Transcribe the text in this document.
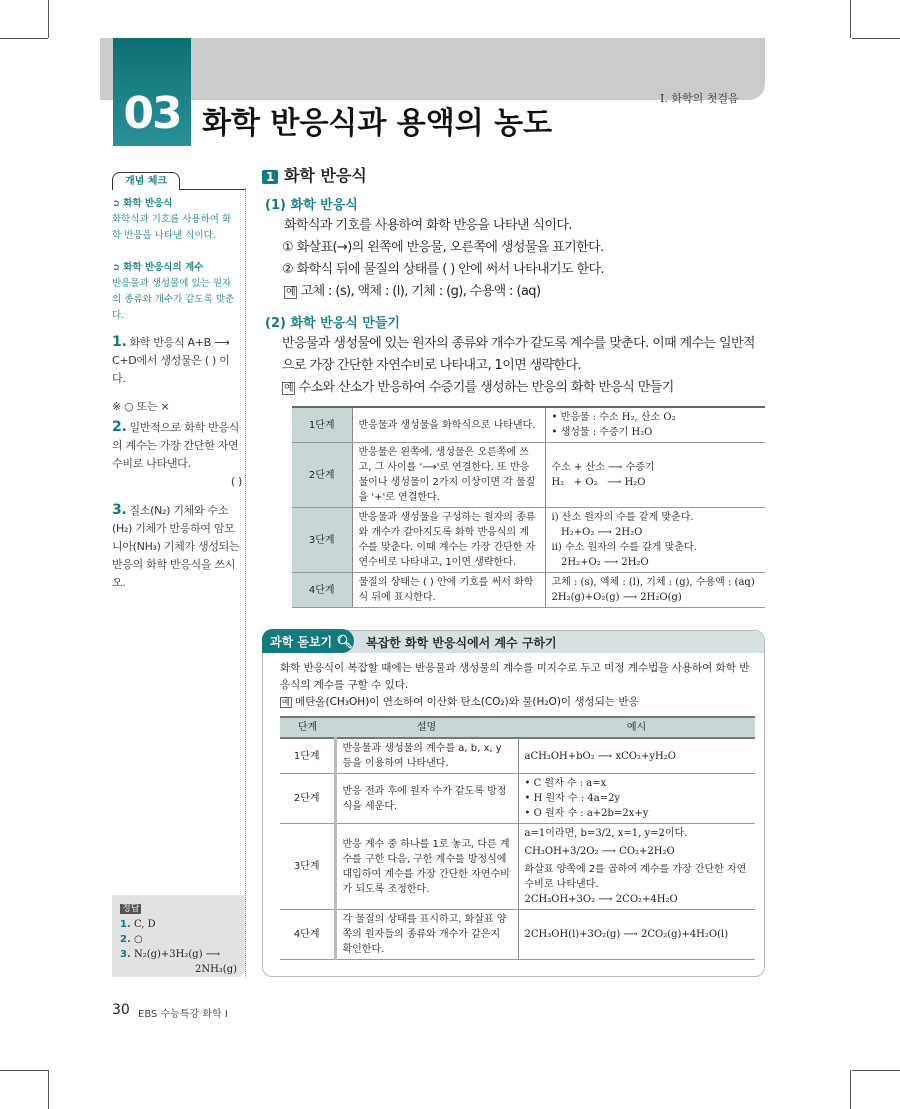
03 화학 반응식과 용액의 농도
Ⅰ. 화학의 첫걸음
개념 체크
➲ 화학 반응식
화학식과 기호를 사용하여 화학 반응을 나타낸 식이다.
➲ 화학 반응식의 계수
반응물과 생성물에 있는 원자의 종류와 개수가 같도록 맞춘다.
1. 화학 반응식 A+B ⟶ C+D에서 생성물은 ( ) 이다.
※ ○ 또는 ×
2. 일반적으로 화학 반응식의 계수는 가장 간단한 자연수비로 나타낸다.
( )
3. 질소(N₂) 기체와 수소(H₂) 기체가 반응하여 암모니아(NH₃) 기체가 생성되는 반응의 화학 반응식을 쓰시오.
정답
1. C, D
2. ○
3. N₂(g)+3H₂(g) ⟶
2NH₃(g)
1 화학 반응식
(1) 화학 반응식
화학식과 기호를 사용하여 화학 반응을 나타낸 식이다.
① 화살표(→)의 왼쪽에 반응물, 오른쪽에 생성물을 표기한다.
② 화학식 뒤에 물질의 상태를 ( ) 안에 써서 나타내기도 한다.
예 고체 : (s), 액체 : (l), 기체 : (g), 수용액 : (aq)
(2) 화학 반응식 만들기
반응물과 생성물에 있는 원자의 종류와 개수가 같도록 계수를 맞춘다. 이때 계수는 일반적
으로 가장 간단한 자연수비로 나타내고, 1이면 생략한다.
예 수소와 산소가 반응하여 수증기를 생성하는 반응의 화학 반응식 만들기
1단계	반응물과 생성물을 화학식으로 나타낸다.	• 반응물 : 수소 H₂, 산소 O₂
• 생성물 : 수증기 H₂O

2단계	반응물은 왼쪽에, 생성물은 오른쪽에 쓰고, 그 사이를 '⟶'로 연결한다. 또 반응물이나 생성물이 2가지 이상이면 각 물질을 '+'로 연결한다.	수소 + 산소 ⟶ 수증기
H₂   + O₂   ⟶ H₂O

3단계	반응물과 생성물을 구성하는 원자의 종류와 개수가 같아지도록 화학 반응식의 계수를 맞춘다. 이때 계수는 가장 간단한 자연수비로 나타내고, 1이면 생략한다.	i) 산소 원자의 수를 같게 맞춘다.
H₂+O₂ ⟶ 2H₂O
ii) 수소 원자의 수를 같게 맞춘다.
2H₂+O₂ ⟶ 2H₂O

4단계	물질의 상태는 ( ) 안에 기호를 써서 화학식 뒤에 표시한다.	고체 : (s), 액체 : (l), 기체 : (g), 수용액 : (aq)
2H₂(g)+O₂(g) ⟶ 2H₂O(g)
과학 돋보기 🔍︎ 복잡한 화학 반응식에서 계수 구하기
화학 반응식이 복잡할 때에는 반응물과 생성물의 계수를 미지수로 두고 미정 계수법을 사용하여 화학 반응식의 계수를 구할 수 있다.
예 메탄올(CH₃OH)이 연소하여 이산화 탄소(CO₂)와 물(H₂O)이 생성되는 반응
단계	설명	예시
1단계	반응물과 생성물의 계수를 a, b, x, y 등을 이용하여 나타낸다.	aCH₃OH+bO₂ ⟶ xCO₂+yH₂O
2단계	반응 전과 후에 원자 수가 같도록 방정식을 세운다.	• C 원자 수 : a=x
• H 원자 수 : 4a=2y
• O 원자 수 : a+2b=2x+y

3단계	반응 계수 중 하나를 1로 놓고, 다른 계수를 구한 다음, 구한 계수를 방정식에 대입하여 계수를 가장 간단한 자연수비가 되도록 조정한다.	a=1이라면, b=3/2, x=1, y=2이다.
CH₃OH+3/2O₂ ⟶ CO₂+2H₂O
화살표 양쪽에 2를 곱하여 계수를 가장 간단한 자연수비로 나타낸다.
2CH₃OH+3O₂ ⟶ 2CO₂+4H₂O

4단계	각 물질의 상태를 표시하고, 화살표 양쪽의 원자들의 종류와 개수가 같은지 확인한다.	2CH₃OH(l)+3O₂(g) ⟶ 2CO₂(g)+4H₂O(l)
30 EBS 수능특강 화학 Ⅰ
